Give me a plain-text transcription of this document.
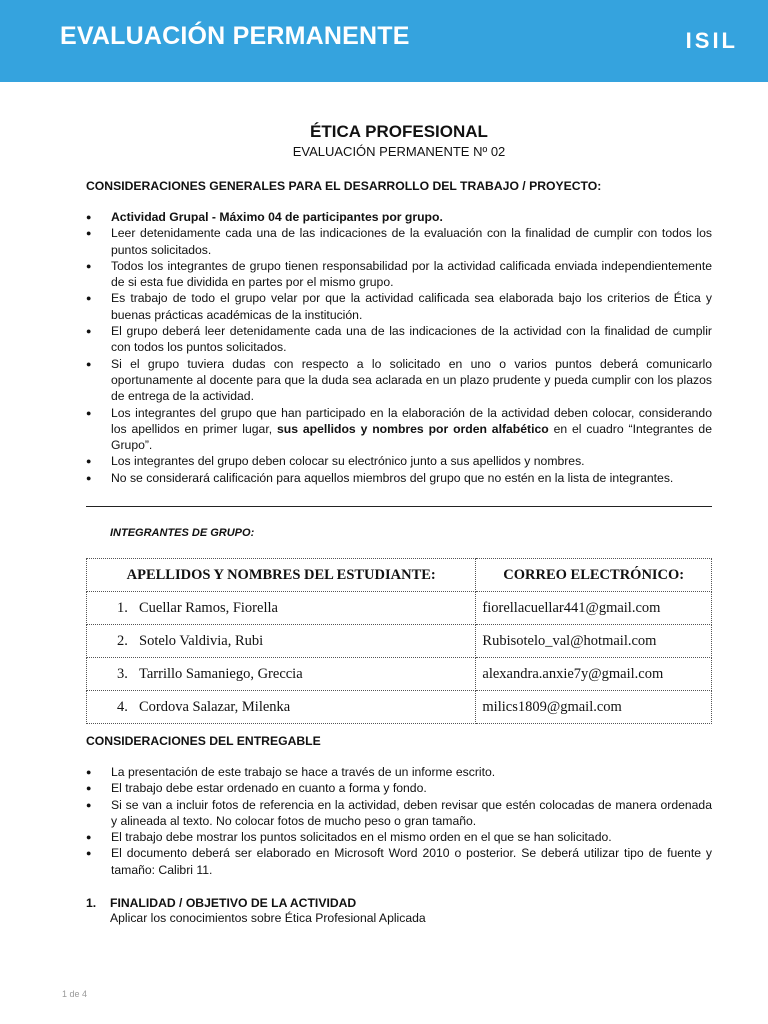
EVALUACIÓN PERMANENTE	ISIL
ÉTICA PROFESIONAL
EVALUACIÓN PERMANENTE Nº 02
CONSIDERACIONES GENERALES PARA EL DESARROLLO DEL TRABAJO / PROYECTO:
● Actividad Grupal - Máximo 04 de participantes por grupo.
● Leer detenidamente cada una de las indicaciones de la evaluación con la finalidad de cumplir con todos los puntos solicitados.
● Todos los integrantes de grupo tienen responsabilidad por la actividad calificada enviada independientemente de si esta fue dividida en partes por el mismo grupo.
● Es trabajo de todo el grupo velar por que la actividad calificada sea elaborada bajo los criterios de Ética y buenas prácticas académicas de la institución.
● El grupo deberá leer detenidamente cada una de las indicaciones de la actividad con la finalidad de cumplir con todos los puntos solicitados.
● Si el grupo tuviera dudas con respecto a lo solicitado en uno o varios puntos deberá comunicarlo oportunamente al docente para que la duda sea aclarada en un plazo prudente y pueda cumplir con los plazos de entrega de la actividad.
● Los integrantes del grupo que han participado en la elaboración de la actividad deben colocar, considerando los apellidos en primer lugar, sus apellidos y nombres por orden alfabético en el cuadro “Integrantes de Grupo”.
● Los integrantes del grupo deben colocar su electrónico junto a sus apellidos y nombres.
● No se considerará calificación para aquellos miembros del grupo que no estén en la lista de integrantes.
INTEGRANTES DE GRUPO:
APELLIDOS Y NOMBRES DEL ESTUDIANTE:	CORREO ELECTRÓNICO:
1. Cuellar Ramos, Fiorella	fiorellacuellar441@gmail.com
2. Sotelo Valdivia, Rubi	Rubisotelo_val@hotmail.com
3. Tarrillo Samaniego, Greccia	alexandra.anxie7y@gmail.com
4. Cordova Salazar, Milenka	milics1809@gmail.com
CONSIDERACIONES DEL ENTREGABLE
● La presentación de este trabajo se hace a través de un informe escrito.
● El trabajo debe estar ordenado en cuanto a forma y fondo.
● Si se van a incluir fotos de referencia en la actividad, deben revisar que estén colocadas de manera ordenada y alineada al texto. No colocar fotos de mucho peso o gran tamaño.
● El trabajo debe mostrar los puntos solicitados en el mismo orden en el que se han solicitado.
● El documento deberá ser elaborado en Microsoft Word 2010 o posterior. Se deberá utilizar tipo de fuente y tamaño: Calibri 11.
1. FINALIDAD / OBJETIVO DE LA ACTIVIDAD
Aplicar los conocimientos sobre Ética Profesional Aplicada
1 de 4
